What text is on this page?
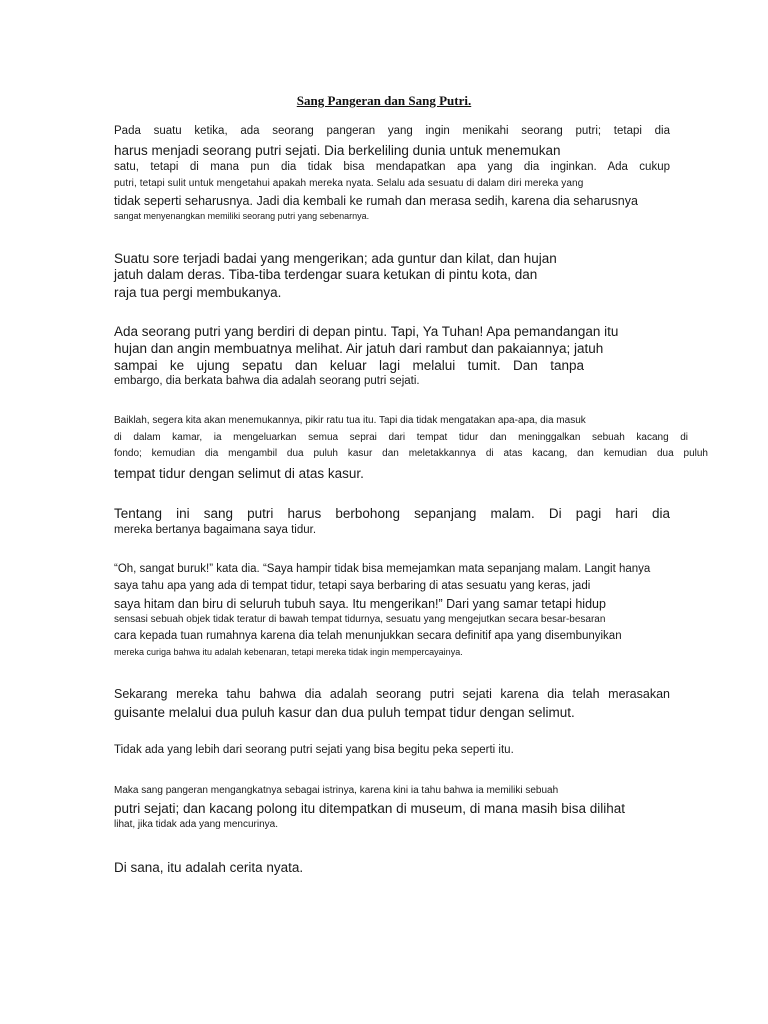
Sang Pangeran dan Sang Putri.
Pada suatu ketika, ada seorang pangeran yang ingin menikahi seorang putri; tetapi dia
harus menjadi seorang putri sejati. Dia berkeliling dunia untuk menemukan
satu, tetapi di mana pun dia tidak bisa mendapatkan apa yang dia inginkan. Ada cukup
putri, tetapi sulit untuk mengetahui apakah mereka nyata. Selalu ada sesuatu di dalam diri mereka yang
tidak seperti seharusnya. Jadi dia kembali ke rumah dan merasa sedih, karena dia seharusnya
sangat menyenangkan memiliki seorang putri yang sebenarnya.
Suatu sore terjadi badai yang mengerikan; ada guntur dan kilat, dan hujan
jatuh dalam deras. Tiba-tiba terdengar suara ketukan di pintu kota, dan
raja tua pergi membukanya.
Ada seorang putri yang berdiri di depan pintu. Tapi, Ya Tuhan! Apa pemandangan itu
hujan dan angin membuatnya melihat. Air jatuh dari rambut dan pakaiannya; jatuh
sampai ke ujung sepatu dan keluar lagi melalui tumit. Dan tanpa
embargo, dia berkata bahwa dia adalah seorang putri sejati.
Baiklah, segera kita akan menemukannya, pikir ratu tua itu. Tapi dia tidak mengatakan apa-apa, dia masuk
di dalam kamar, ia mengeluarkan semua seprai dari tempat tidur dan meninggalkan sebuah kacang di
fondo; kemudian dia mengambil dua puluh kasur dan meletakkannya di atas kacang, dan kemudian dua puluh
tempat tidur dengan selimut di atas kasur.
Tentang ini sang putri harus berbohong sepanjang malam. Di pagi hari dia
mereka bertanya bagaimana saya tidur.
“Oh, sangat buruk!” kata dia. “Saya hampir tidak bisa memejamkan mata sepanjang malam. Langit hanya
saya tahu apa yang ada di tempat tidur, tetapi saya berbaring di atas sesuatu yang keras, jadi
saya hitam dan biru di seluruh tubuh saya. Itu mengerikan!” Dari yang samar tetapi hidup
sensasi sebuah objek tidak teratur di bawah tempat tidurnya, sesuatu yang mengejutkan secara besar-besaran
cara kepada tuan rumahnya karena dia telah menunjukkan secara definitif apa yang disembunyikan
mereka curiga bahwa itu adalah kebenaran, tetapi mereka tidak ingin mempercayainya.
Sekarang mereka tahu bahwa dia adalah seorang putri sejati karena dia telah merasakan
guisante melalui dua puluh kasur dan dua puluh tempat tidur dengan selimut.
Tidak ada yang lebih dari seorang putri sejati yang bisa begitu peka seperti itu.
Maka sang pangeran mengangkatnya sebagai istrinya, karena kini ia tahu bahwa ia memiliki sebuah
putri sejati; dan kacang polong itu ditempatkan di museum, di mana masih bisa dilihat
lihat, jika tidak ada yang mencurinya.
Di sana, itu adalah cerita nyata.
